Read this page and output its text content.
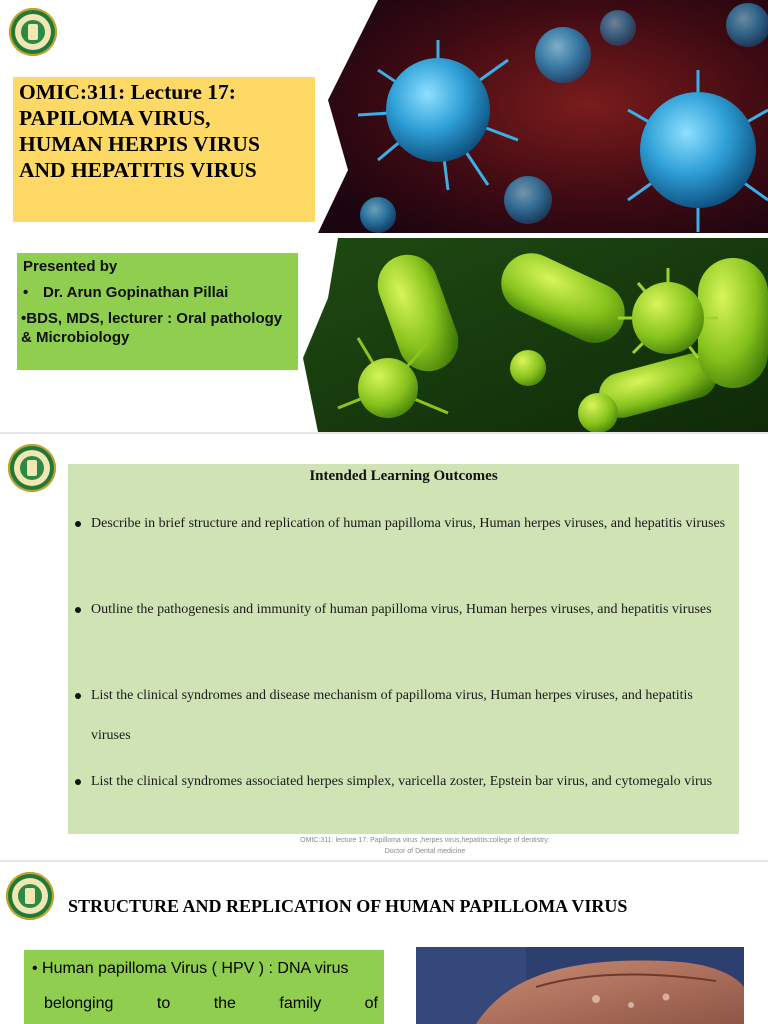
OMIC:311: Lecture 17:
PAPILOMA VIRUS,
HUMAN HERPIS VIRUS
AND HEPATITIS VIRUS
Presented by
• Dr. Arun Gopinathan Pillai
•BDS, MDS, lecturer : Oral pathology & Microbiology
Intended Learning Outcomes
Describe in brief structure and replication of human papilloma virus, Human herpes viruses, and hepatitis viruses
Outline the pathogenesis and immunity of human papilloma virus, Human herpes viruses, and hepatitis viruses
List the clinical syndromes and disease mechanism of papilloma virus, Human herpes viruses, and hepatitis viruses
List the clinical syndromes associated herpes simplex, varicella zoster, Epstein bar virus, and cytomegalo virus
OMIC:311: lecture 17: Papilloma virus ,herpes virus,hepatitis:college of dentistry:
Doctor of Dental medicine
STRUCTURE AND REPLICATION OF HUMAN PAPILLOMA VIRUS
• Human papilloma Virus ( HPV ) : DNA virus
belonging	to	the	family	of
